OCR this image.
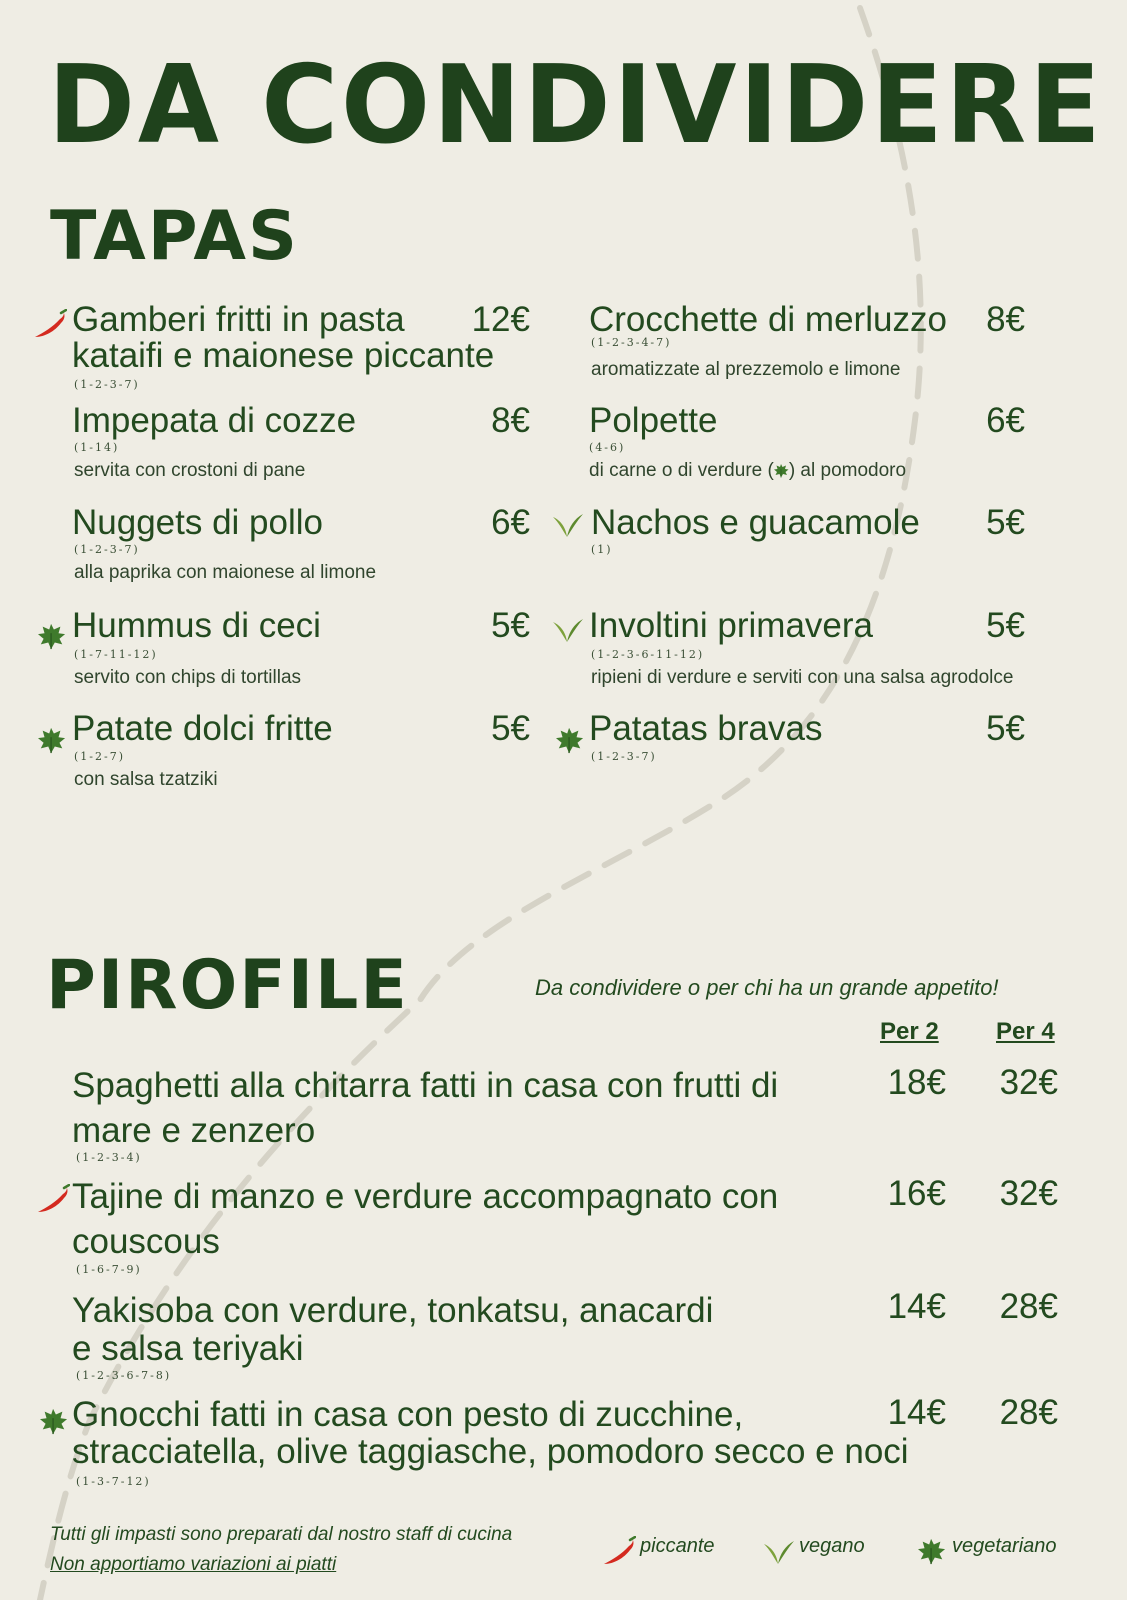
DA CONDIVIDERE
TAPAS
Gamberi fritti in pasta
kataifi e maionese piccante
12€
(1-2-3-7)
Impepata di cozze	8€
(1-14)
servita con crostoni di pane
Nuggets di pollo	6€
(1-2-3-7)
alla paprika con maionese al limone
Hummus di ceci	5€
(1-7-11-12)
servito con chips di tortillas
Patate dolci fritte	5€
(1-2-7)
con salsa tzatziki
Crocchette di merluzzo	8€
(1-2-3-4-7)
aromatizzate al prezzemolo e limone
Polpette	6€
(4-6)
di carne o di verdure ( ) al pomodoro
Nachos e guacamole	5€
(1)
Involtini primavera	5€
(1-2-3-6-11-12)
ripieni di verdure e serviti con una salsa agrodolce
Patatas bravas	5€
(1-2-3-7)
PIROFILE	Da condividere o per chi ha un grande appetito!
Per 2 Per 4
Spaghetti alla chitarra fatti in casa con frutti di
mare e zenzero
(1-2-3-4)
18€	32€
Tajine di manzo e verdure accompagnato con
couscous
(1-6-7-9)
16€	32€
Yakisoba con verdure, tonkatsu, anacardi
e salsa teriyaki
(1-2-3-6-7-8)
14€	28€
Gnocchi fatti in casa con pesto di zucchine,
stracciatella, olive taggiasche, pomodoro secco e noci
(1-3-7-12)
14€	28€
Tutti gli impasti sono preparati dal nostro staff di cucina
Non apportiamo variazioni ai piatti
piccante	vegano	vegetariano
